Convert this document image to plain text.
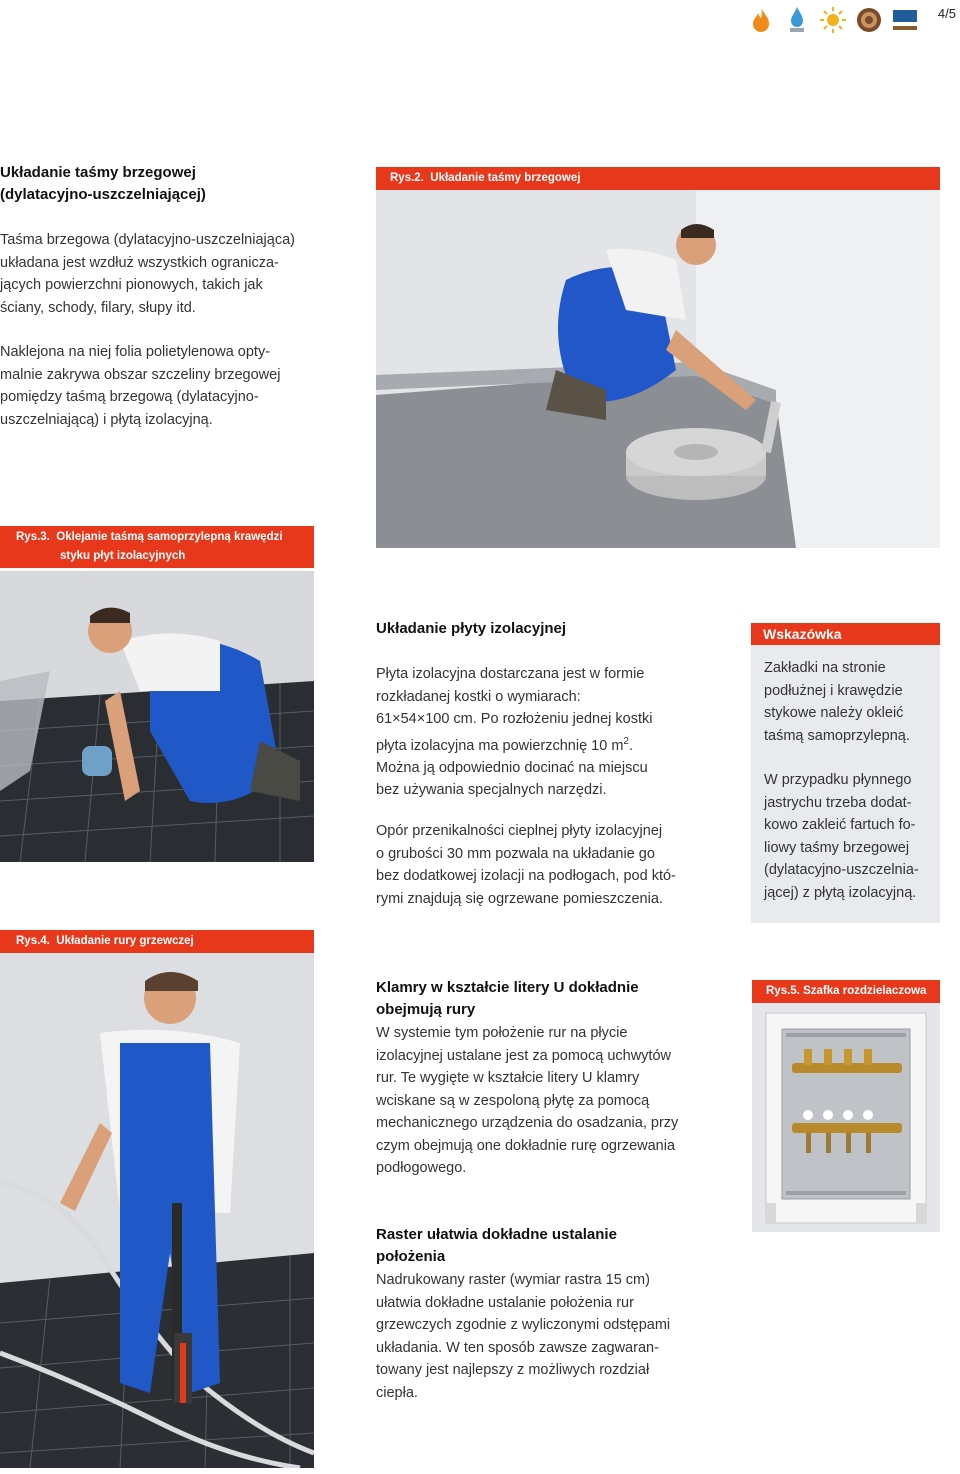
4/5
Układanie taśmy brzegowej
(dylatacyjno-uszczelniającej)
Taśma brzegowa (dylatacyjno-uszczelniająca)
układana jest wzdłuż wszystkich ogranicza-
jących powierzchni pionowych, takich jak
ściany, schody, filary, słupy itd.
Naklejona na niej folia polietylenowa opty-
malnie zakrywa obszar szczeliny brzegowej
pomiędzy taśmą brzegową (dylatacyjno-
uszczelniającą) i płytą izolacyjną.
Rys.2. Układanie taśmy brzegowej
Rys.3. Oklejanie taśmą samoprzylepną krawędzi
styku płyt izolacyjnych
Układanie płyty izolacyjnej
Płyta izolacyjna dostarczana jest w formie
rozkładanej kostki o wymiarach:
61×54×100 cm. Po rozłożeniu jednej kostki
płyta izolacyjna ma powierzchnię 10 $m^2$.
Można ją odpowiednio docinać na miejscu
bez używania specjalnych narzędzi.
Opór przenikalności cieplnej płyty izolacyjnej
o grubości 30 mm pozwala na układanie go
bez dodatkowej izolacji na podłogach, pod któ-
rymi znajdują się ogrzewane pomieszczenia.
Wskazówka
Zakładki na stronie
podłużnej i krawędzie
stykowe należy okleić
taśmą samoprzylepną.
W przypadku płynnego
jastrychu trzeba dodat-
kowo zakleić fartuch fo-
liowy taśmy brzegowej
(dylatacyjno-uszczelnia-
jącej) z płytą izolacyjną.
Rys.4. Układanie rury grzewczej
Klamry w kształcie litery U dokładnie
obejmują rury
W systemie tym położenie rur na płycie
izolacyjnej ustalane jest za pomocą uchwytów
rur. Te wygięte w kształcie litery U klamry
wciskane są w zespoloną płytę za pomocą
mechanicznego urządzenia do osadzania, przy
czym obejmują one dokładnie rurę ogrzewania
podłogowego.
Rys.5. Szafka rozdzielaczowa
Raster ułatwia dokładne ustalanie
położenia
Nadrukowany raster (wymiar rastra 15 cm)
ułatwia dokładne ustalanie położenia rur
grzewczych zgodnie z wyliczonymi odstępami
układania. W ten sposób zawsze zagwaran-
towany jest najlepszy z możliwych rozdział
ciepła.
